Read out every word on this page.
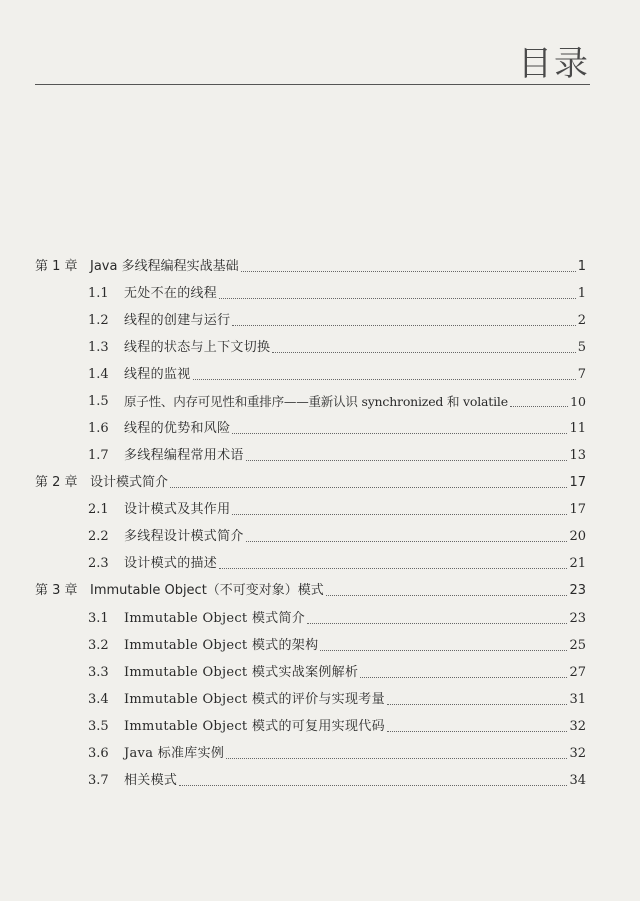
目录
第 1 章 Java 多线程编程实战基础	1
1.1	无处不在的线程	1
1.2	线程的创建与运行	2
1.3	线程的状态与上下文切换	5
1.4	线程的监视	7
1.5	原子性、内存可见性和重排序——重新认识 synchronized 和 volatile	10
1.6	线程的优势和风险	11
1.7	多线程编程常用术语	13
第 2 章 设计模式简介	17
2.1	设计模式及其作用	17
2.2	多线程设计模式简介	20
2.3	设计模式的描述	21
第 3 章 Immutable Object（不可变对象）模式	23
3.1	Immutable Object 模式简介	23
3.2	Immutable Object 模式的架构	25
3.3	Immutable Object 模式实战案例解析	27
3.4	Immutable Object 模式的评价与实现考量	31
3.5	Immutable Object 模式的可复用实现代码	32
3.6	Java 标准库实例	32
3.7	相关模式	34
